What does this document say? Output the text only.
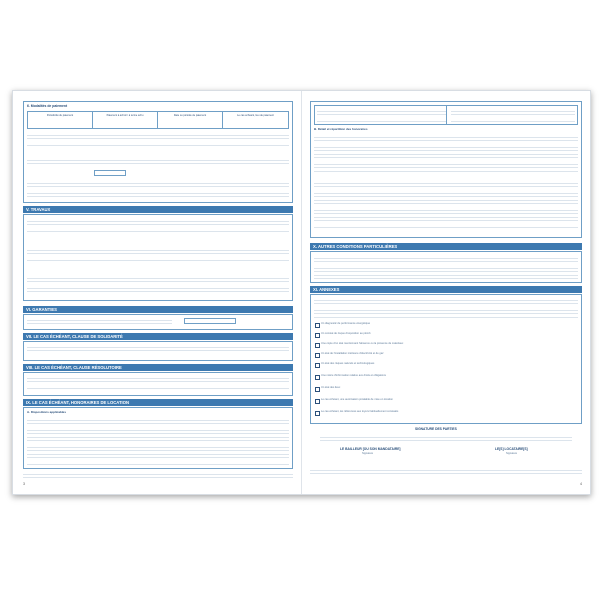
6. Modalités de paiement
Périodicité du paiement	Paiement à échoir / à terme échu	Date ou période de paiement	Le cas échéant, lieu de paiement
V. TRAVAUX
VI. GARANTIES
VII. LE CAS ÉCHÉANT, CLAUSE DE SOLIDARITÉ
VIII. LE CAS ÉCHÉANT, CLAUSE RÉSOLUTOIRE
IX. LE CAS ÉCHÉANT, HONORAIRES DE LOCATION
A. Dispositions applicables
3
B. Détail et répartition des honoraires
X. AUTRES CONDITIONS PARTICULIÈRES
XI. ANNEXES
Un diagnostic de performance énergétique
Un constat de risque d'exposition au plomb
Une copie d'un état mentionnant l'absence ou la présence de matériaux
Un état de l'installation intérieure d'électricité et de gaz
Un état des risques naturels et technologiques
Une notice d'information relative aux droits et obligations
Un état des lieux
Le cas échéant, une autorisation préalable de mise en location
Le cas échéant, les références aux loyers habituellement constatés
SIGNATURE DES PARTIES
LE BAILLEUR [OU SON MANDATAIRE]	LE[S] LOCATAIRE[S]
Signature	Signature
4
